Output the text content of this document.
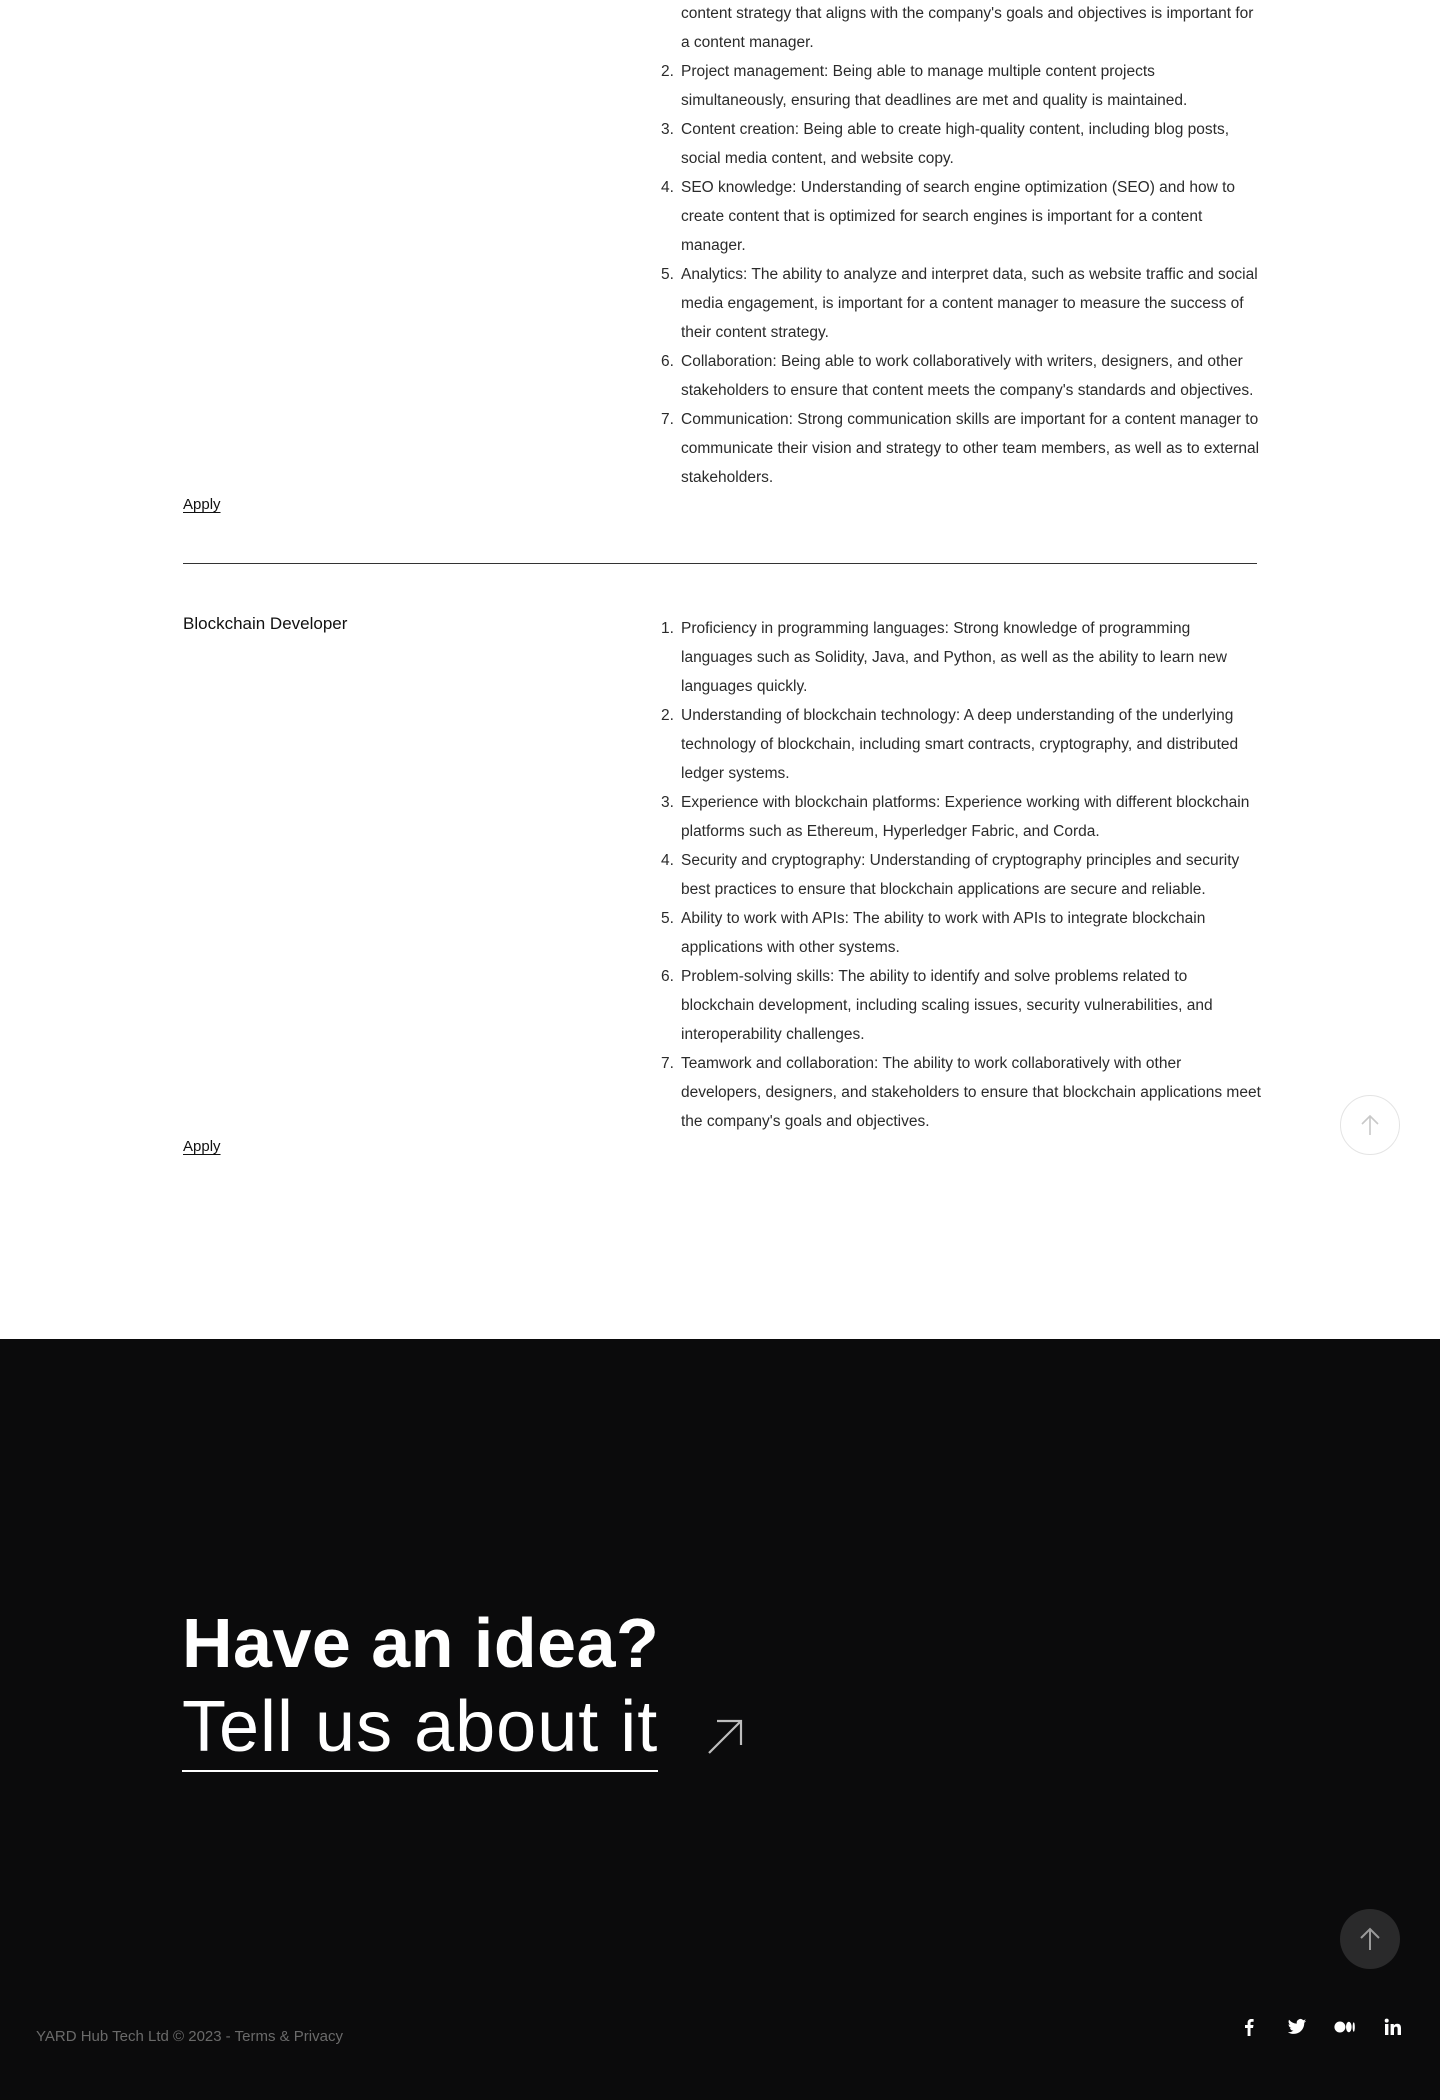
content strategy that aligns with the company's goals and objectives is important for a content manager.
2. Project management: Being able to manage multiple content projects simultaneously, ensuring that deadlines are met and quality is maintained.
3. Content creation: Being able to create high-quality content, including blog posts, social media content, and website copy.
4. SEO knowledge: Understanding of search engine optimization (SEO) and how to create content that is optimized for search engines is important for a content manager.
5. Analytics: The ability to analyze and interpret data, such as website traffic and social media engagement, is important for a content manager to measure the success of their content strategy.
6. Collaboration: Being able to work collaboratively with writers, designers, and other stakeholders to ensure that content meets the company's standards and objectives.
7. Communication: Strong communication skills are important for a content manager to communicate their vision and strategy to other team members, as well as to external stakeholders.
Apply
Blockchain Developer	1. Proficiency in programming languages: Strong knowledge of programming languages such as Solidity, Java, and Python, as well as the ability to learn new languages quickly.
2. Understanding of blockchain technology: A deep understanding of the underlying technology of blockchain, including smart contracts, cryptography, and distributed ledger systems.
3. Experience with blockchain platforms: Experience working with different blockchain platforms such as Ethereum, Hyperledger Fabric, and Corda.
4. Security and cryptography: Understanding of cryptography principles and security best practices to ensure that blockchain applications are secure and reliable.
5. Ability to work with APIs: The ability to work with APIs to integrate blockchain applications with other systems.
6. Problem-solving skills: The ability to identify and solve problems related to blockchain development, including scaling issues, security vulnerabilities, and interoperability challenges.
7. Teamwork and collaboration: The ability to work collaboratively with other developers, designers, and stakeholders to ensure that blockchain applications meet the company's goals and objectives.
Apply
Have an idea?
Tell us about it
YARD Hub Tech Ltd © 2023 - Terms & Privacy
